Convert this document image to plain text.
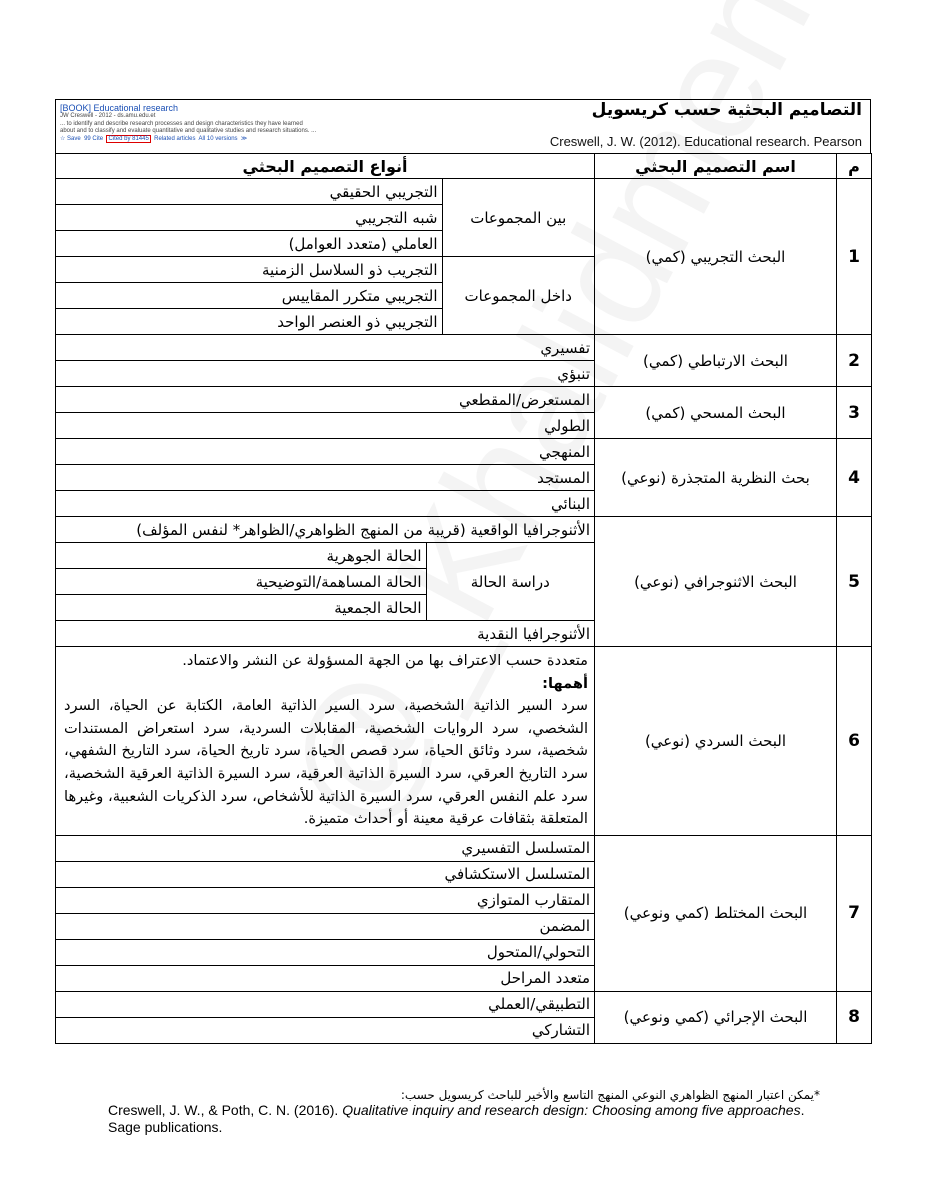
[BOOK] Educational research
JW Creswell - 2012 - ds.amu.edu.et
... to identify and describe research processes and design characteristics they have learned
about and to classify and evaluate quantitative and qualitative studies and research situations. ...
☆ Save 99 Cite Cited by 81445 Related articles All 10 versions ≫
التصاميم البحثية حسب كريسويل
Creswell, J. W. (2012). Educational research. Pearson
م	اسم التصميم البحثي	أنواع التصميم البحثي
1	البحث التجريبي (كمي)	
بين المجموعات	التجريبي الحقيقي
شبه التجريبي
العاملي (متعدد العوامل)
داخل المجموعات	التجريب ذو السلاسل الزمنية
التجريبي متكرر المقاييس
التجريبي ذو العنصر الواحد

2	البحث الارتباطي (كمي)	
تفسيري
تنبؤي

3	البحث المسحي (كمي)	
المستعرض/المقطعي
الطولي

4	بحث النظرية المتجذرة (نوعي)	
المنهجي
المستجد
البنائي

5	البحث الاثنوجرافي (نوعي)	
الأثنوجرافيا الواقعية (قريبة من المنهج الظواهري/الظواهر* لنفس المؤلف)
دراسة الحالة	الحالة الجوهرية
الحالة المساهمة/التوضيحية
الحالة الجمعية
الأثنوجرافيا النقدية

6	البحث السردي (نوعي)	
متعددة حسب الاعتراف بها من الجهة المسؤولة عن النشر والاعتماد.
أهمها:
سرد السير الذاتية الشخصية، سرد السير الذاتية العامة، الكتابة عن الحياة، السرد الشخصي، سرد الروايات الشخصية، المقابلات السردية، سرد استعراض المستندات شخصية، سرد وثائق الحياة، سرد قصص الحياة، سرد تاريخ الحياة، سرد التاريخ الشفهي، سرد التاريخ العرقي، سرد السيرة الذاتية العرقية، سرد السيرة الذاتية العرقية الشخصية، سرد علم النفس العرقي، سرد السيرة الذاتية للأشخاص، سرد الذكريات الشعبية، وغيرها المتعلقة بثقافات عرقية معينة أو أحداث متميزة.

7	البحث المختلط (كمي ونوعي)	
المتسلسل التفسيري
المتسلسل الاستكشافي
المتقارب المتوازي
المضمن
التحولي/المتحول
متعدد المراحل

8	البحث الإجرائي (كمي ونوعي)	
التطبيقي/العملي
التشاركي
*يمكن اعتبار المنهج الظواهري النوعي المنهج التاسع والأخير للباحث كريسويل حسب:
Creswell, J. W., & Poth, C. N. (2016). Qualitative inquiry and research design: Choosing among five approaches. Sage publications.
